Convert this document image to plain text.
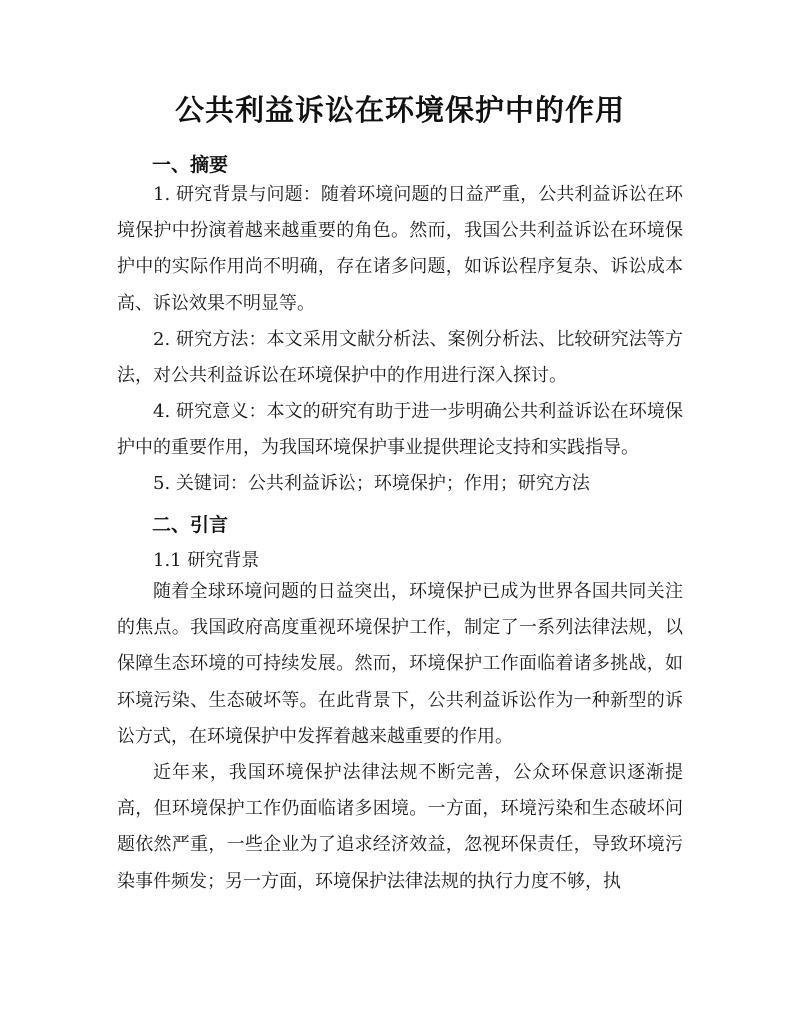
公共利益诉讼在环境保护中的作用
一、摘要

1. 研究背景与问题：随着环境问题的日益严重，公共利益诉讼在环境保护中扮演着越来越重要的角色。然而，我国公共利益诉讼在环境保护中的实际作用尚不明确，存在诸多问题，如诉讼程序复杂、诉讼成本高、诉讼效果不明显等。

2. 研究方法：本文采用文献分析法、案例分析法、比较研究法等方法，对公共利益诉讼在环境保护中的作用进行深入探讨。

4. 研究意义：本文的研究有助于进一步明确公共利益诉讼在环境保护中的重要作用，为我国环境保护事业提供理论支持和实践指导。

5. 关键词：公共利益诉讼；环境保护；作用；研究方法

二、引言
1.1 研究背景

随着全球环境问题的日益突出，环境保护已成为世界各国共同关注的焦点。我国政府高度重视环境保护工作，制定了一系列法律法规，以保障生态环境的可持续发展。然而，环境保护工作面临着诸多挑战，如环境污染、生态破坏等。在此背景下，公共利益诉讼作为一种新型的诉讼方式，在环境保护中发挥着越来越重要的作用。

近年来，我国环境保护法律法规不断完善，公众环保意识逐渐提高，但环境保护工作仍面临诸多困境。一方面，环境污染和生态破坏问题依然严重，一些企业为了追求经济效益，忽视环保责任，导致环境污染事件频发；另一方面，环境保护法律法规的执行力度不够，执
